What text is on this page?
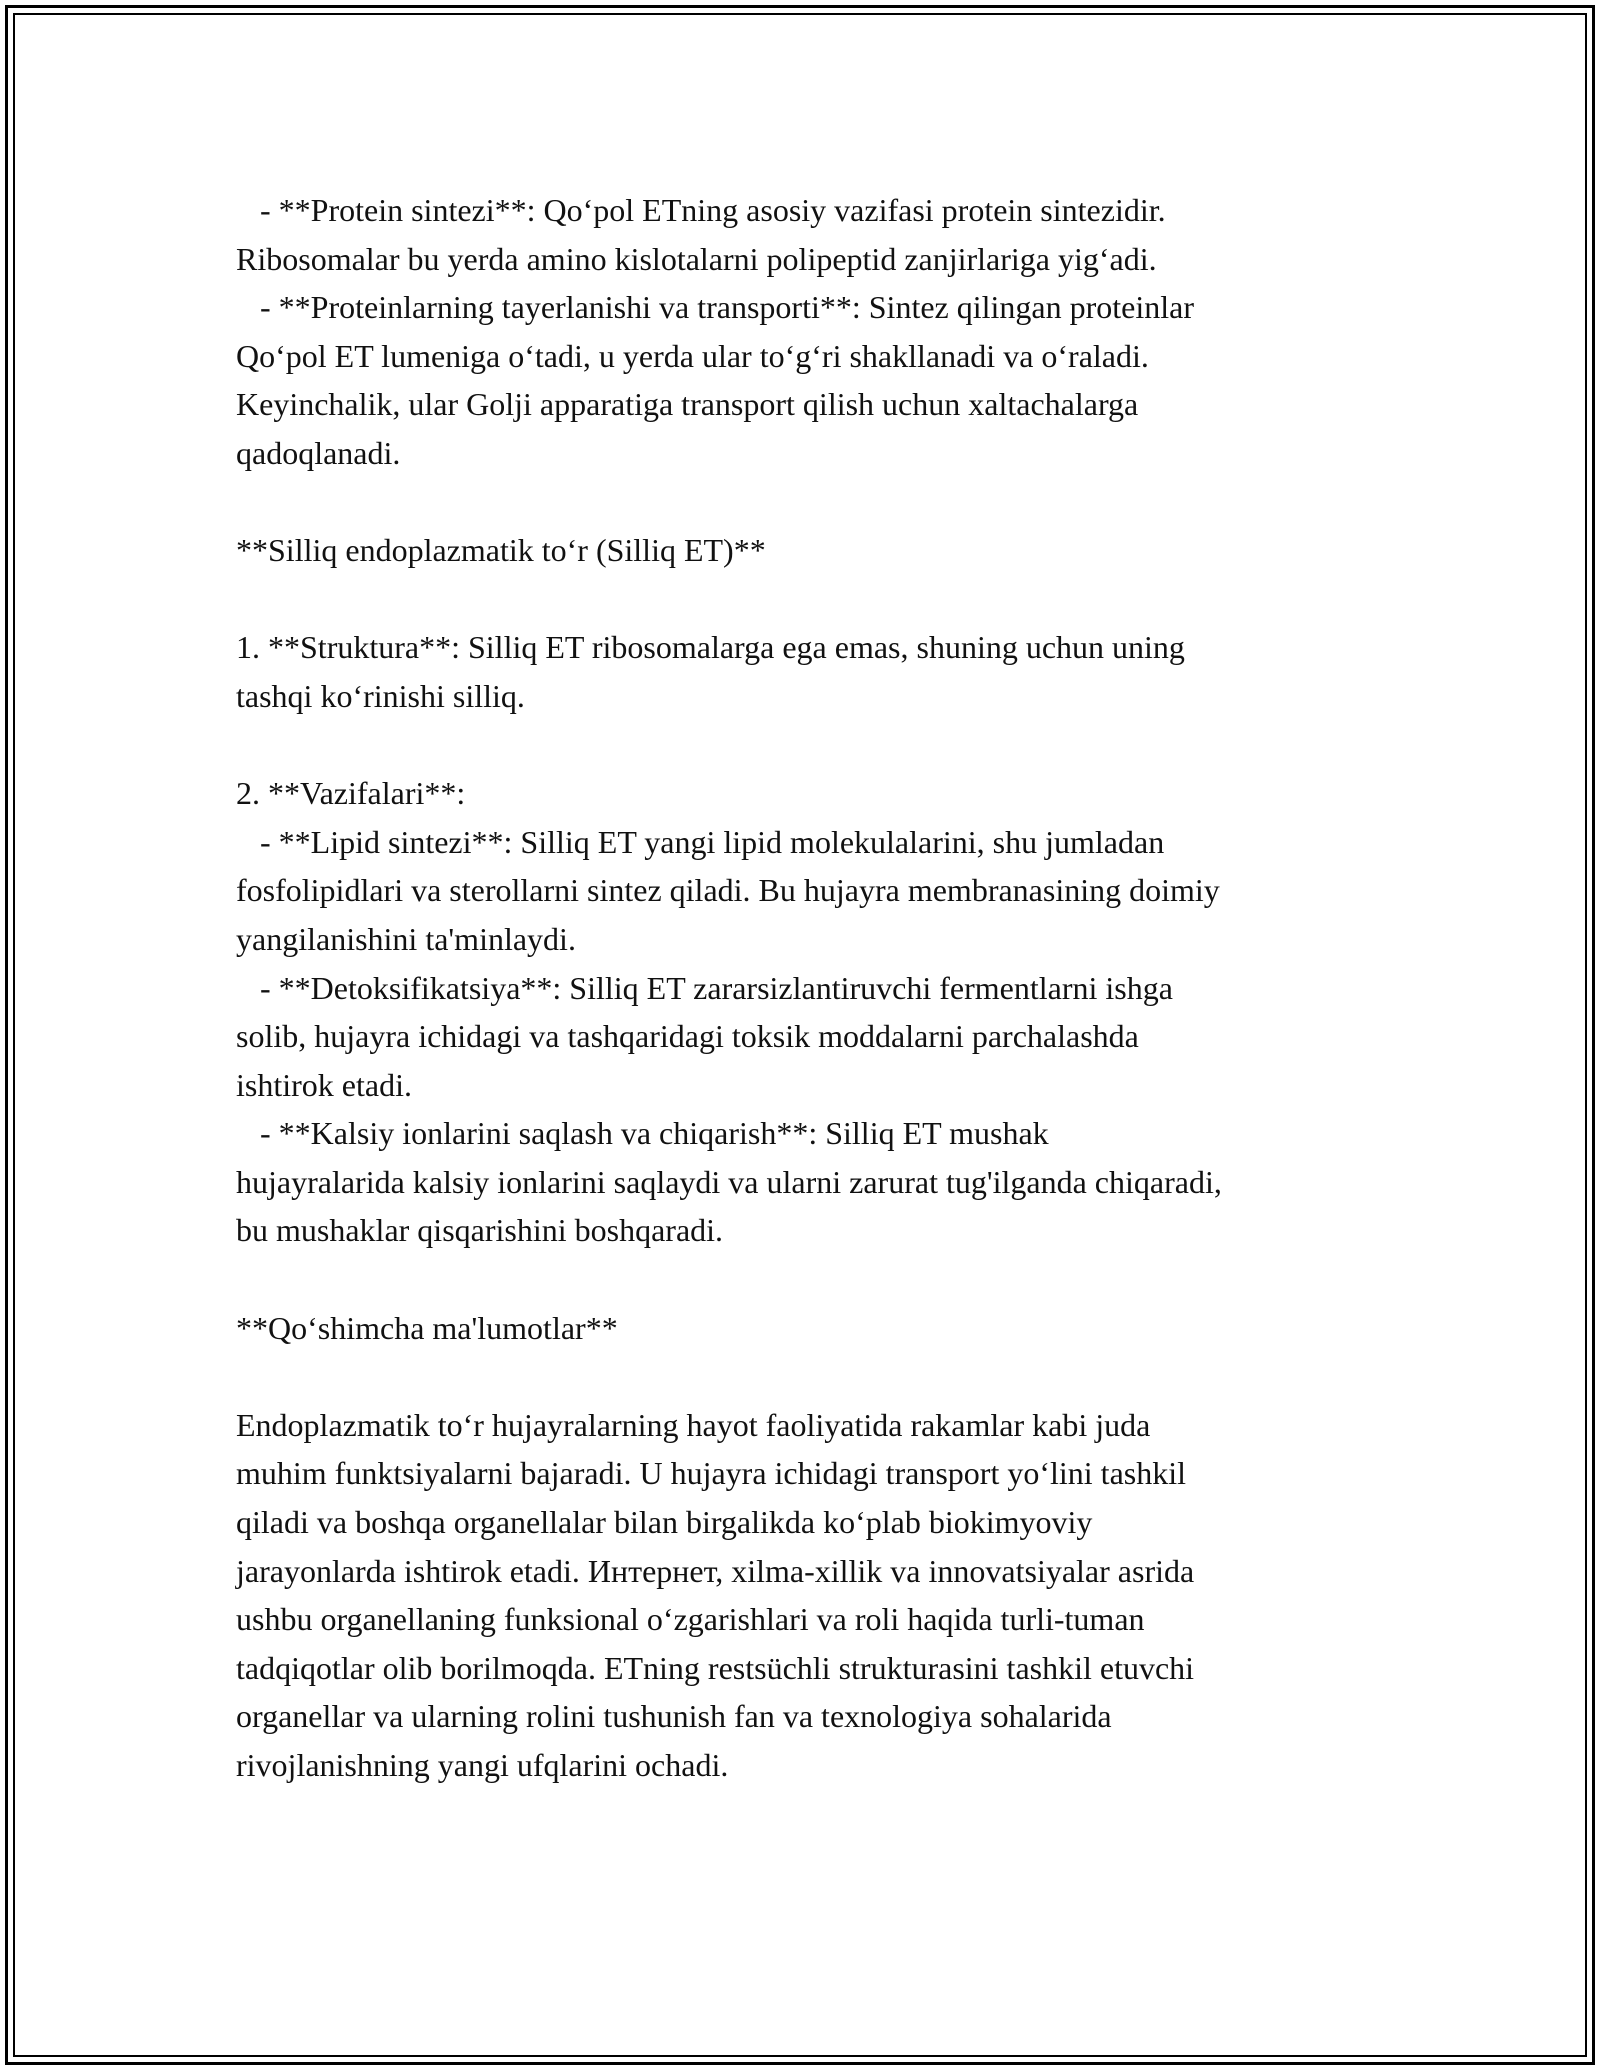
- **Protein sintezi**: Qo‘pol ETning asosiy vazifasi protein sintezidir.
Ribosomalar bu yerda amino kislotalarni polipeptid zanjirlariga yig‘adi.
- **Proteinlarning tayerlanishi va transporti**: Sintez qilingan proteinlar
Qo‘pol ET lumeniga o‘tadi, u yerda ular to‘g‘ri shakllanadi va o‘raladi.
Keyinchalik, ular Golji apparatiga transport qilish uchun xaltachalarga
qadoqlanadi.
**Silliq endoplazmatik to‘r (Silliq ET)**
1. **Struktura**: Silliq ET ribosomalarga ega emas, shuning uchun uning
tashqi ko‘rinishi silliq.
2. **Vazifalari**:
- **Lipid sintezi**: Silliq ET yangi lipid molekulalarini, shu jumladan
fosfolipidlari va sterollarni sintez qiladi. Bu hujayra membranasining doimiy
yangilanishini ta'minlaydi.
- **Detoksifikatsiya**: Silliq ET zararsizlantiruvchi fermentlarni ishga
solib, hujayra ichidagi va tashqaridagi toksik moddalarni parchalashda
ishtirok etadi.
- **Kalsiy ionlarini saqlash va chiqarish**: Silliq ET mushak
hujayralarida kalsiy ionlarini saqlaydi va ularni zarurat tug'ilganda chiqaradi,
bu mushaklar qisqarishini boshqaradi.
**Qo‘shimcha ma'lumotlar**
Endoplazmatik to‘r hujayralarning hayot faoliyatida rakamlar kabi juda
muhim funktsiyalarni bajaradi. U hujayra ichidagi transport yo‘lini tashkil
qiladi va boshqa organellalar bilan birgalikda ko‘plab biokimyoviy
jarayonlarda ishtirok etadi. Интернет, xilma-xillik va innovatsiyalar asrida
ushbu organellaning funksional o‘zgarishlari va roli haqida turli-tuman
tadqiqotlar olib borilmoqda. ETning restsüchli strukturasini tashkil etuvchi
organellar va ularning rolini tushunish fan va texnologiya sohalarida
rivojlanishning yangi ufqlarini ochadi.
